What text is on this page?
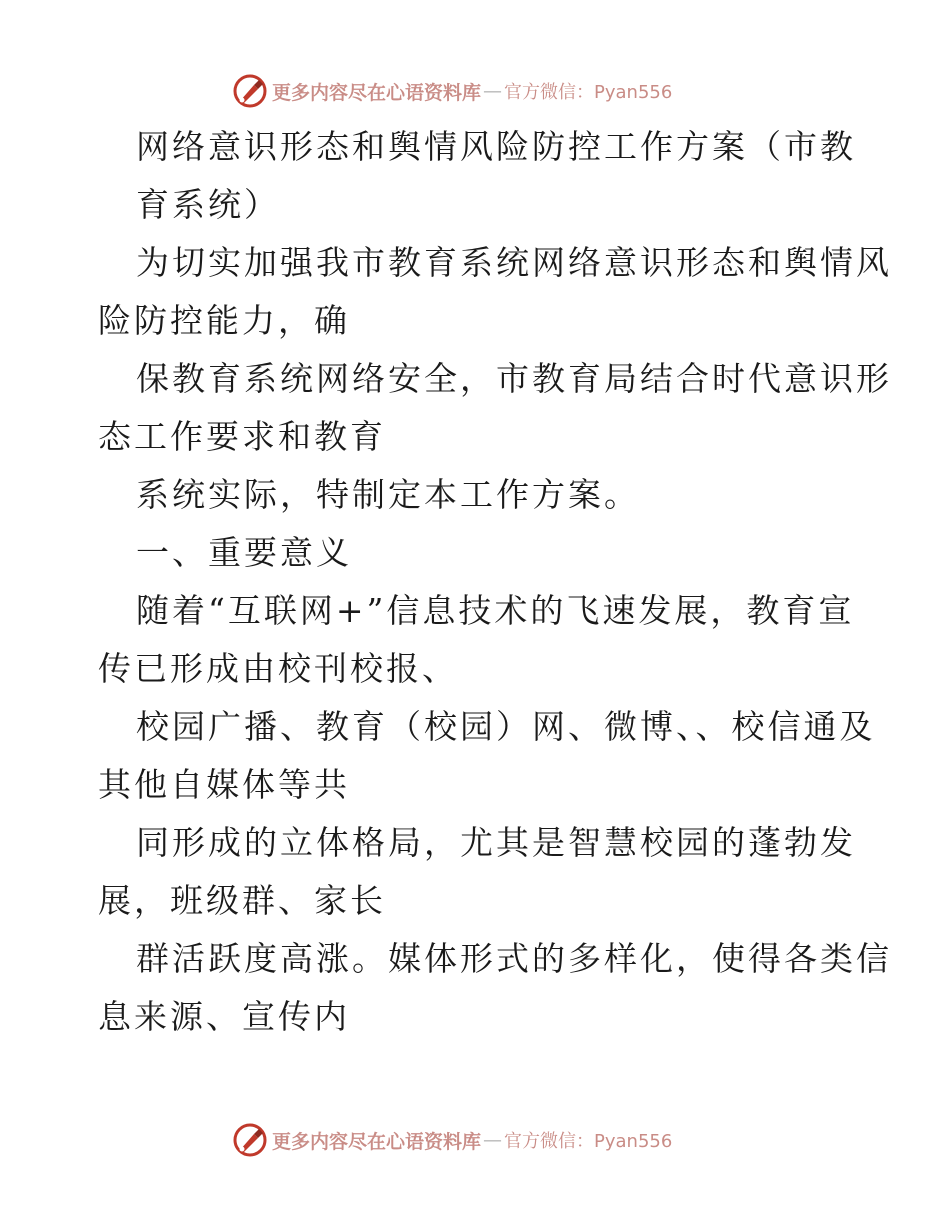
更多内容尽在心语资料库 — 官方微信：Pyan556
网络意识形态和舆情风险防控工作方案（市教
育系统）
为切实加强我市教育系统网络意识形态和舆情风
险防控能力，确
保教育系统网络安全，市教育局结合时代意识形
态工作要求和教育
系统实际，特制定本工作方案。
一、重要意义
随着“互联网+”信息技术的飞速发展，教育宣
传已形成由校刊校报、
校园广播、教育（校园）网、微博、、校信通及
其他自媒体等共
同形成的立体格局，尤其是智慧校园的蓬勃发
展，班级群、家长
群活跃度高涨。媒体形式的多样化，使得各类信
息来源、宣传内
更多内容尽在心语资料库 — 官方微信：Pyan556
